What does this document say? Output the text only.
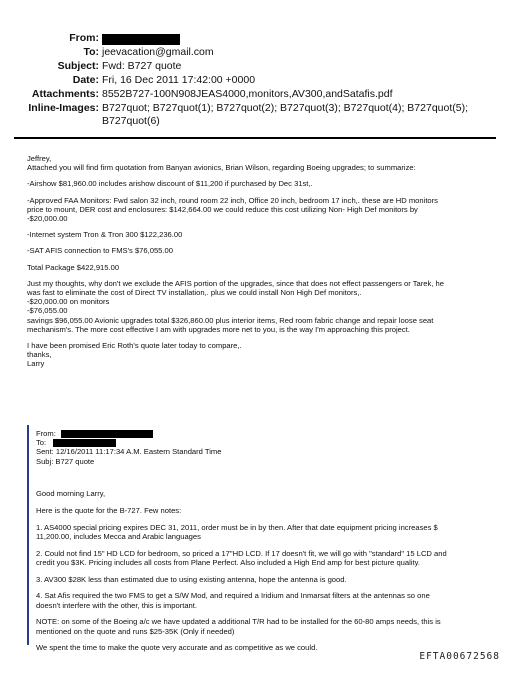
From:
To: jeevacation@gmail.com
Subject: Fwd: B727 quote
Date: Fri, 16 Dec 2011 17:42:00 +0000
Attachments: 8552B727-100N908JEAS4000,monitors,AV300,andSatafis.pdf
Inline-Images: B727quot; B727quot(1); B727quot(2); B727quot(3); B727quot(4); B727quot(5);
B727quot(6)

Jeffrey,
Attached you will find firm quotation from Banyan avionics, Brian Wilson, regarding Boeing upgrades; to summarize:

-Airshow $81,960.00 includes arishow discount of $11,200 if purchased by Dec 31st,.

-Approved FAA Monitors: Fwd salon 32 inch, round room 22 inch, Office 20 inch, bedroom 17 inch,. these are HD monitors
price to mount, DER cost and enclosures: $142,664.00 we could reduce this cost utilizing Non- High Def monitors by
-$20,000.00

-Internet system Tron & Tron 300 $122,236.00

-SAT AFIS connection to FMS's $76,055.00

Total Package $422,915.00

Just my thoughts, why don't we exclude the AFIS portion of the upgrades, since that does not effect passengers or Tarek, he
was fast to eliminate the cost of Direct TV installation,. plus we could install Non High Def monitors,.
-$20,000.00 on monitors
-$76,055.00
savings $96,055.00 Avionic upgrades total $326,860.00 plus interior items, Red room fabric change and repair loose seat
mechanism's. The more cost effective I am with upgrades more net to you, is the way I'm approaching this project.

I have been promised Eric Roth's quote later today to compare,.
thanks,
Larry

From:
To:
Sent: 12/16/2011 11:17:34 A.M. Eastern Standard Time
Subj: B727 quote

Good morning Larry,

Here is the quote for the B-727. Few notes:

1. AS4000 special pricing expires DEC 31, 2011, order must be in by then. After that date equipment pricing increases $
11,200.00, includes Mecca and Arabic languages

2. Could not find 15" HD LCD for bedroom, so priced a 17"HD LCD. If 17 doesn't fit, we will go with "standard" 15 LCD and
credit you $3K. Pricing includes all costs from Plane Perfect. Also included a High End amp for best picture quality.

3. AV300 $28K less than estimated due to using existing antenna, hope the antenna is good.

4. Sat Afis required the two FMS to get a S/W Mod, and required a Iridium and Inmarsat filters at the antennas so one
doesn't interfere with the other, this is important.

NOTE: on some of the Boeing a/c we have updated a additional T/R had to be installed for the 60-80 amps needs, this is
mentioned on the quote and runs $25-35K (Only if needed)

We spent the time to make the quote very accurate and as competitive as we could.

EFTA00672568
